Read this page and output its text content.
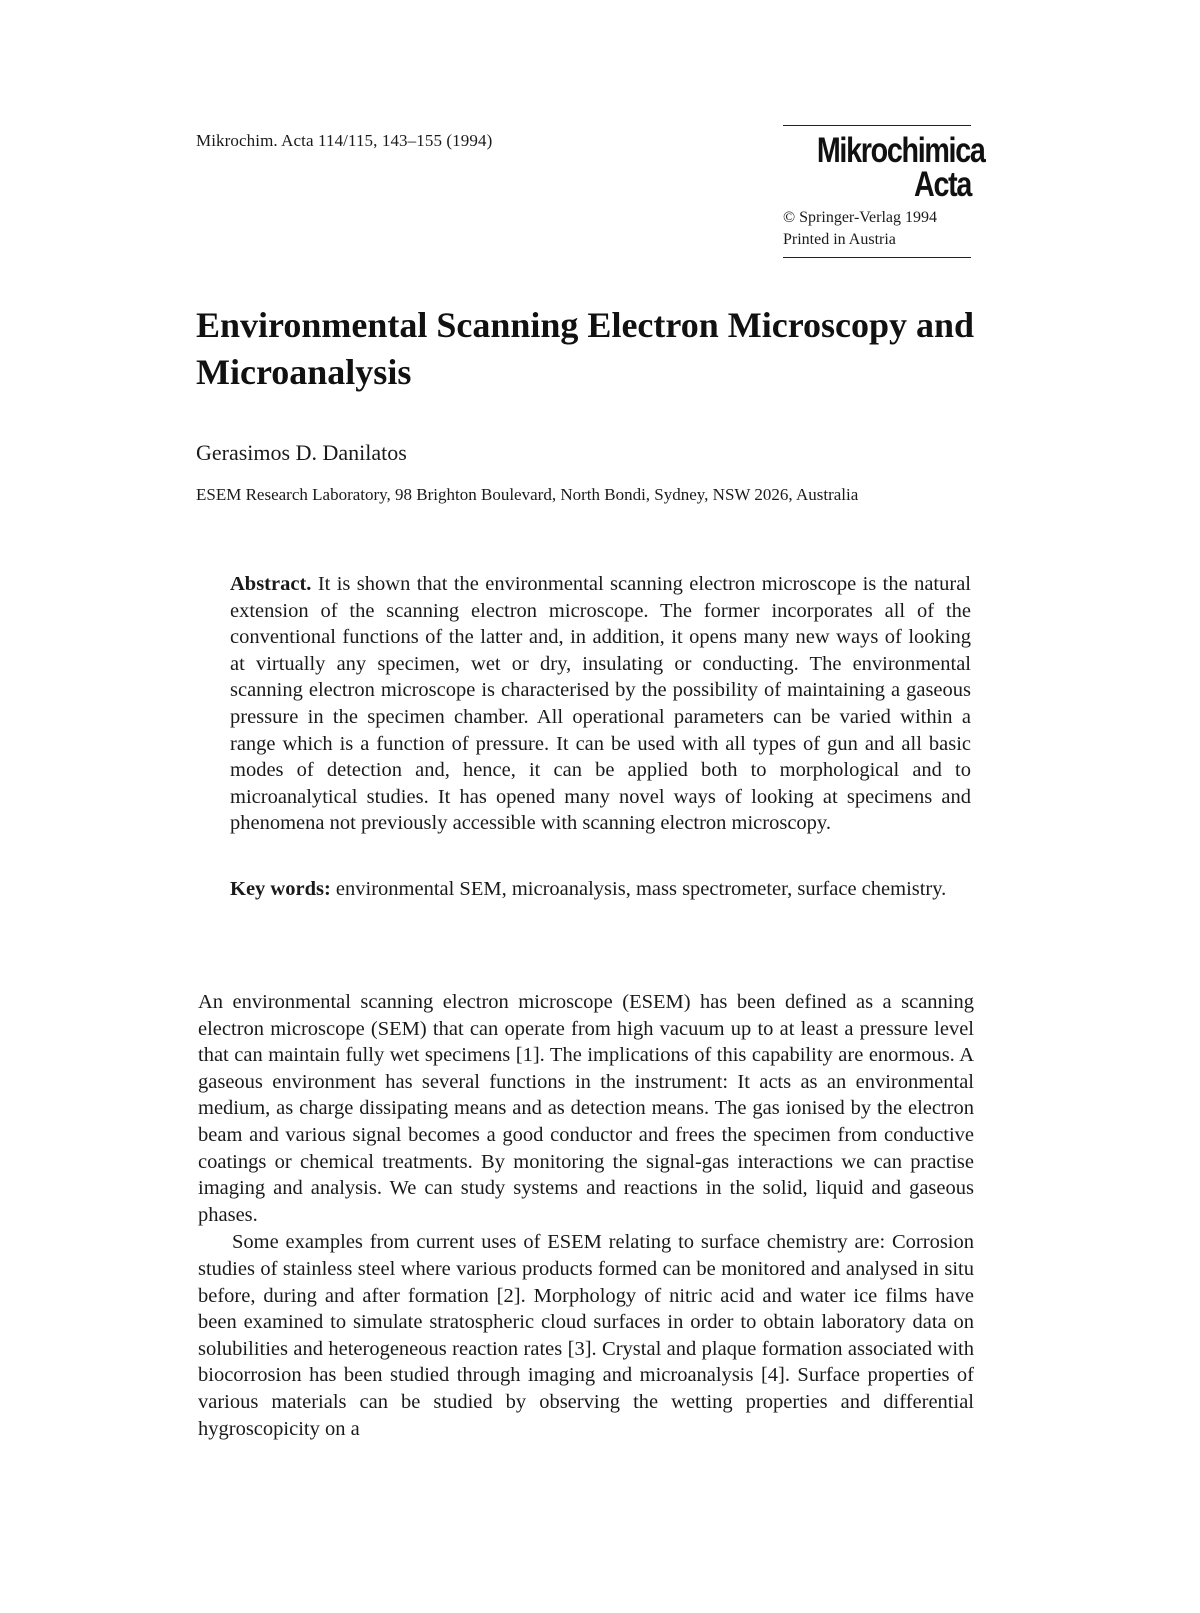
Mikrochim. Acta 114/115, 143–155 (1994)	Mikrochimica
Acta
© Springer-Verlag 1994
Printed in Austria
Environmental Scanning Electron Microscopy and Microanalysis
Gerasimos D. Danilatos
ESEM Research Laboratory, 98 Brighton Boulevard, North Bondi, Sydney, NSW 2026, Australia

Abstract. It is shown that the environmental scanning electron microscope is the natural extension of the scanning electron microscope. The former incorporates all of the conventional functions of the latter and, in addition, it opens many new ways of looking at virtually any specimen, wet or dry, insulating or conducting. The environmental scanning electron microscope is characterised by the possibility of maintaining a gaseous pressure in the specimen chamber. All operational parameters can be varied within a range which is a function of pressure. It can be used with all types of gun and all basic modes of detection and, hence, it can be applied both to morphological and to microanalytical studies. It has opened many novel ways of looking at specimens and phenomena not previously accessible with scanning electron microscopy.

Key words: environmental SEM, microanalysis, mass spectrometer, surface chemistry.

An environmental scanning electron microscope (ESEM) has been defined as a scanning electron microscope (SEM) that can operate from high vacuum up to at least a pressure level that can maintain fully wet specimens [1]. The implications of this capability are enormous. A gaseous environment has several functions in the instrument: It acts as an environmental medium, as charge dissipating means and as detection means. The gas ionised by the electron beam and various signal becomes a good conductor and frees the specimen from conductive coatings or chemical treatments. By monitoring the signal-gas interactions we can practise imaging and analysis. We can study systems and reactions in the solid, liquid and gaseous phases.

Some examples from current uses of ESEM relating to surface chemistry are: Corrosion studies of stainless steel where various products formed can be monitored and analysed in situ before, during and after formation [2]. Morphology of nitric acid and water ice films have been examined to simulate stratospheric cloud surfaces in order to obtain laboratory data on solubilities and heterogeneous reaction rates [3]. Crystal and plaque formation associated with biocorrosion has been studied through imaging and microanalysis [4]. Surface properties of various materials can be studied by observing the wetting properties and differential hygroscopicity on a
